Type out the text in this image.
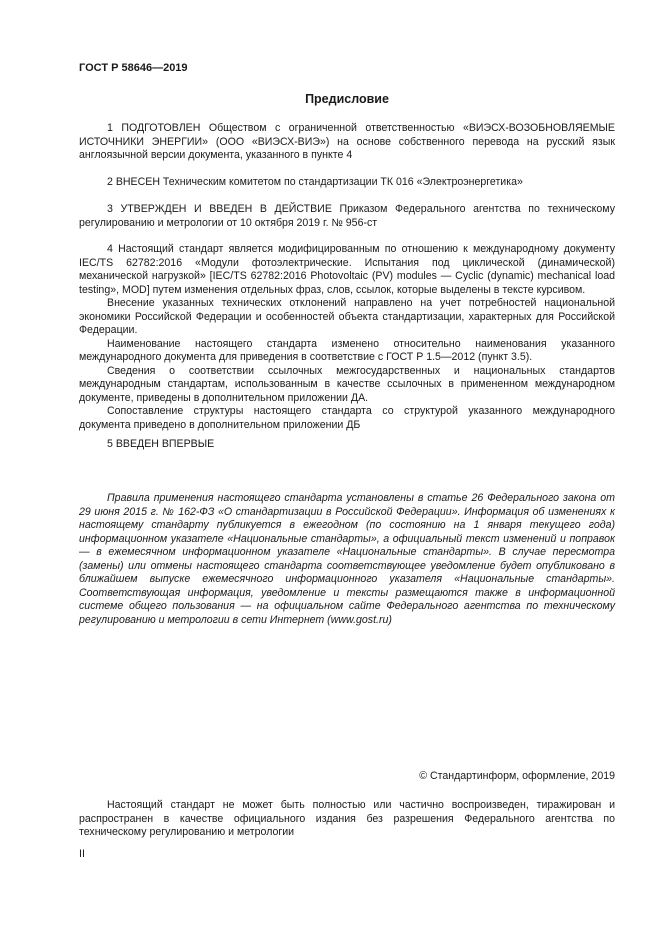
ГОСТ Р 58646—2019
Предисловие

1 ПОДГОТОВЛЕН Обществом с ограниченной ответственностью «ВИЭСХ-ВОЗОБНОВЛЯЕМЫЕ ИСТОЧНИКИ ЭНЕРГИИ» (ООО «ВИЭСХ-ВИЭ») на основе собственного перевода на русский язык англоязычной версии документа, указанного в пункте 4

2 ВНЕСЕН Техническим комитетом по стандартизации ТК 016 «Электроэнергетика»

3 УТВЕРЖДЕН И ВВЕДЕН В ДЕЙСТВИЕ Приказом Федерального агентства по техническому регулированию и метрологии от 10 октября 2019 г. № 956-ст

4 Настоящий стандарт является модифицированным по отношению к международному документу IEC/TS 62782:2016 «Модули фотоэлектрические. Испытания под циклической (динамической) механической нагрузкой» [IEC/TS 62782:2016 Photovoltaic (PV) modules — Cyclic (dynamic) mechanical load testing», MOD] путем изменения отдельных фраз, слов, ссылок, которые выделены в тексте курсивом.

Внесение указанных технических отклонений направлено на учет потребностей национальной экономики Российской Федерации и особенностей объекта стандартизации, характерных для Российской Федерации.

Наименование настоящего стандарта изменено относительно наименования указанного международного документа для приведения в соответствие с ГОСТ Р 1.5—2012 (пункт 3.5).

Сведения о соответствии ссылочных межгосударственных и национальных стандартов международным стандартам, использованным в качестве ссылочных в примененном международном документе, приведены в дополнительном приложении ДА.

Сопоставление структуры настоящего стандарта со структурой указанного международного документа приведено в дополнительном приложении ДБ

5 ВВЕДЕН ВПЕРВЫЕ

Правила применения настоящего стандарта установлены в статье 26 Федерального закона от 29 июня 2015 г. № 162-ФЗ «О стандартизации в Российской Федерации». Информация об изменениях к настоящему стандарту публикуется в ежегодном (по состоянию на 1 января текущего года) информационном указателе «Национальные стандарты», а официальный текст изменений и поправок — в ежемесячном информационном указателе «Национальные стандарты». В случае пересмотра (замены) или отмены настоящего стандарта соответствующее уведомление будет опубликовано в ближайшем выпуске ежемесячного информационного указателя «Национальные стандарты». Соответствующая информация, уведомление и тексты размещаются также в информационной системе общего пользования — на официальном сайте Федерального агентства по техническому регулированию и метрологии в сети Интернет (www.gost.ru)

© Стандартинформ, оформление, 2019

Настоящий стандарт не может быть полностью или частично воспроизведен, тиражирован и распространен в качестве официального издания без разрешения Федерального агентства по техническому регулированию и метрологии

II
